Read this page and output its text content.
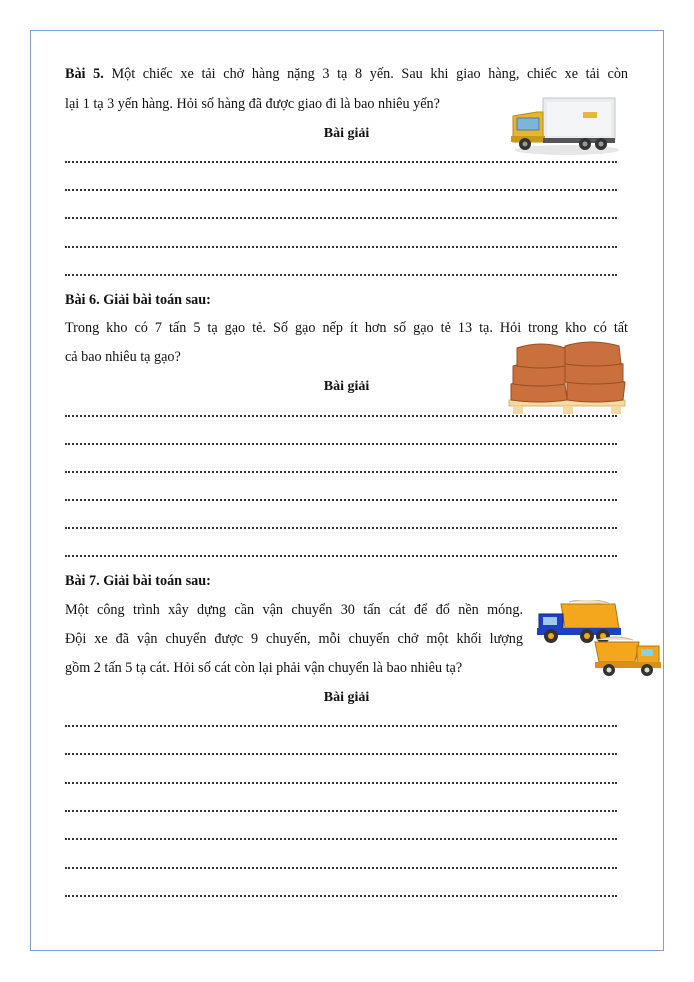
Bài 5. Một chiếc xe tải chở hàng nặng 3 tạ 8 yến. Sau khi giao hàng, chiếc xe tải còn
lại 1 tạ 3 yến hàng. Hỏi số hàng đã được giao đi là bao nhiêu yến?
Bài giải
Bài 6. Giải bài toán sau:
Trong kho có 7 tấn 5 tạ gạo tẻ. Số gạo nếp ít hơn số gạo tẻ 13 tạ. Hỏi trong kho có tất
cả bao nhiêu tạ gạo?
Bài giải
Bài 7. Giải bài toán sau:
Một công trình xây dựng cần vận chuyển 30 tấn cát để đổ nền móng.
Đội xe đã vận chuyển được 9 chuyến, mỗi chuyến chở một khối lượng
gồm 2 tấn 5 tạ cát. Hỏi số cát còn lại phải vận chuyển là bao nhiêu tạ?
Bài giải
